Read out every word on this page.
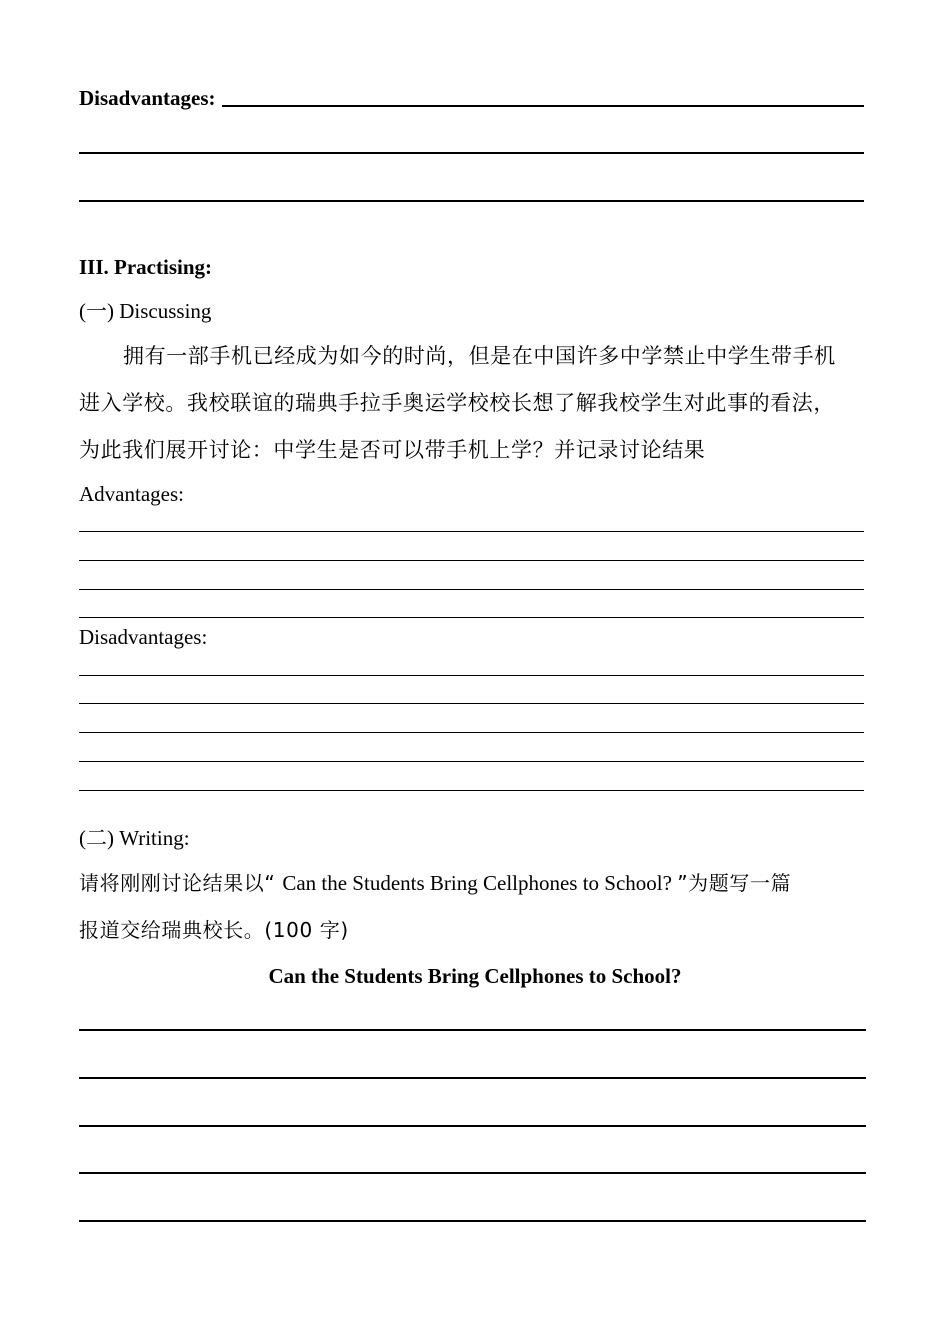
Disadvantages:
III. Practising:
(一) Discussing
拥有一部手机已经成为如今的时尚，但是在中国许多中学禁止中学生带手机
进入学校。我校联谊的瑞典手拉手奥运学校校长想了解我校学生对此事的看法，
为此我们展开讨论：中学生是否可以带手机上学？并记录讨论结果
Advantages:
Disadvantages:
(二) Writing:
请将刚刚讨论结果以“ Can the Students Bring Cellphones to School? ”为题写一篇
报道交给瑞典校长。(100 字)
Can the Students Bring Cellphones to School?
